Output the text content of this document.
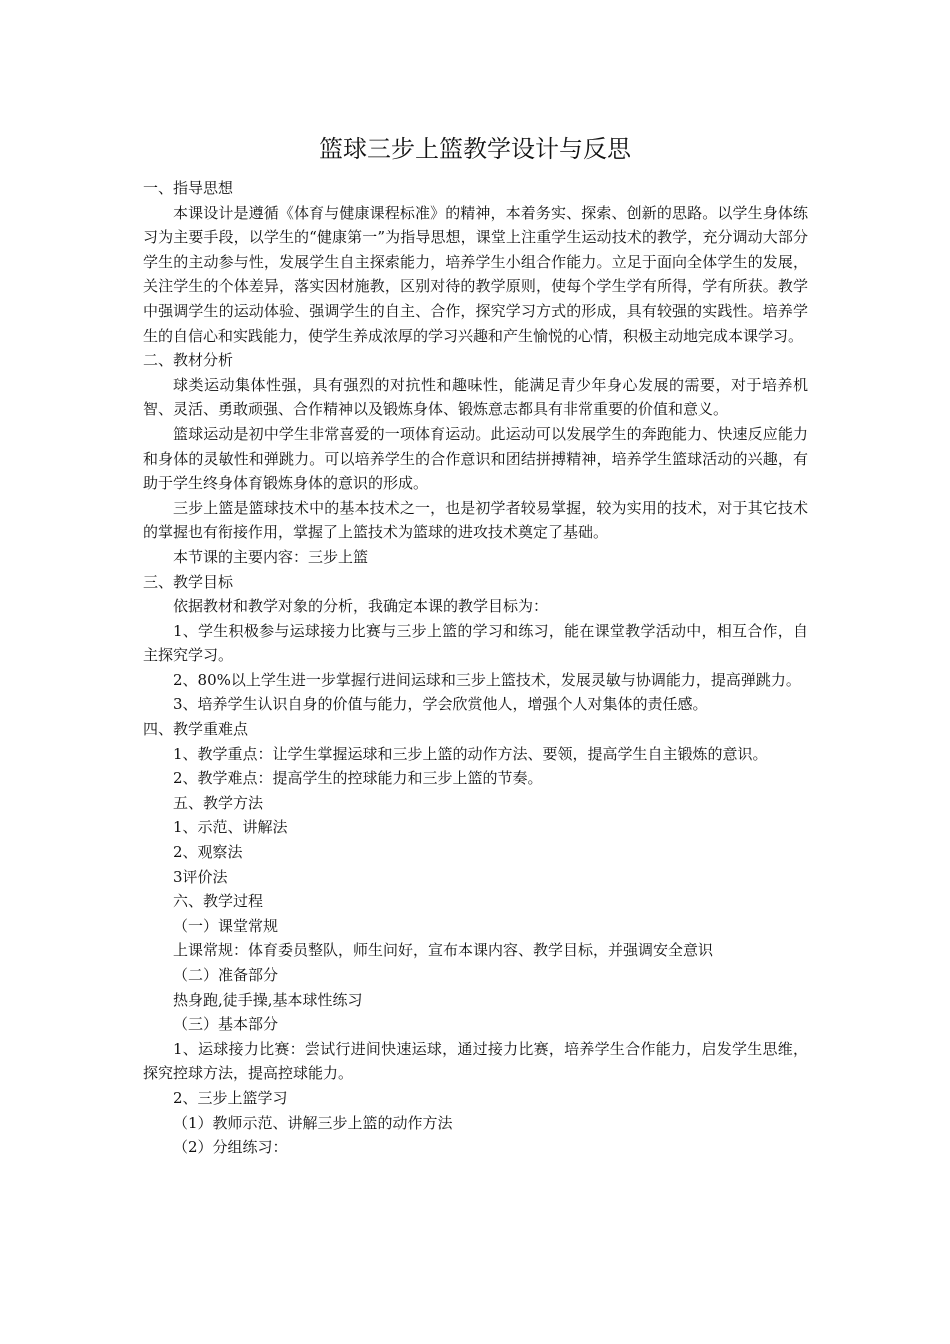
篮球三步上篮教学设计与反思

一、指导思想

本课设计是遵循《体育与健康课程标准》的精神，本着务实、探索、创新的思路。以学生身体练习为主要手段，以学生的“健康第一”为指导思想，课堂上注重学生运动技术的教学，充分调动大部分学生的主动参与性，发展学生自主探索能力，培养学生小组合作能力。立足于面向全体学生的发展，关注学生的个体差异，落实因材施教，区别对待的教学原则，使每个学生学有所得，学有所获。教学中强调学生的运动体验、强调学生的自主、合作，探究学习方式的形成，具有较强的实践性。培养学生的自信心和实践能力，使学生养成浓厚的学习兴趣和产生愉悦的心情，积极主动地完成本课学习。

二、教材分析

球类运动集体性强，具有强烈的对抗性和趣味性，能满足青少年身心发展的需要，对于培养机智、灵活、勇敢顽强、合作精神以及锻炼身体、锻炼意志都具有非常重要的价值和意义。

篮球运动是初中学生非常喜爱的一项体育运动。此运动可以发展学生的奔跑能力、快速反应能力和身体的灵敏性和弹跳力。可以培养学生的合作意识和团结拼搏精神，培养学生篮球活动的兴趣，有助于学生终身体育锻炼身体的意识的形成。

三步上篮是篮球技术中的基本技术之一，也是初学者较易掌握，较为实用的技术，对于其它技术的掌握也有衔接作用，掌握了上篮技术为篮球的进攻技术奠定了基础。

本节课的主要内容：三步上篮

三、教学目标

依据教材和教学对象的分析，我确定本课的教学目标为：

1、学生积极参与运球接力比赛与三步上篮的学习和练习，能在课堂教学活动中，相互合作，自主探究学习。

2、80%以上学生进一步掌握行进间运球和三步上篮技术，发展灵敏与协调能力，提高弹跳力。

3、培养学生认识自身的价值与能力，学会欣赏他人，增强个人对集体的责任感。

四、教学重难点

1、教学重点：让学生掌握运球和三步上篮的动作方法、要领，提高学生自主锻炼的意识。

2、教学难点：提高学生的控球能力和三步上篮的节奏。

五、教学方法

1、示范、讲解法

2、观察法

3评价法

六、教学过程

（一）课堂常规

上课常规：体育委员整队，师生问好，宣布本课内容、教学目标，并强调安全意识

（二）准备部分

热身跑,徒手操,基本球性练习

（三）基本部分

1、运球接力比赛：尝试行进间快速运球，通过接力比赛，培养学生合作能力，启发学生思维，探究控球方法，提高控球能力。

2、三步上篮学习

（1）教师示范、讲解三步上篮的动作方法

（2）分组练习：
